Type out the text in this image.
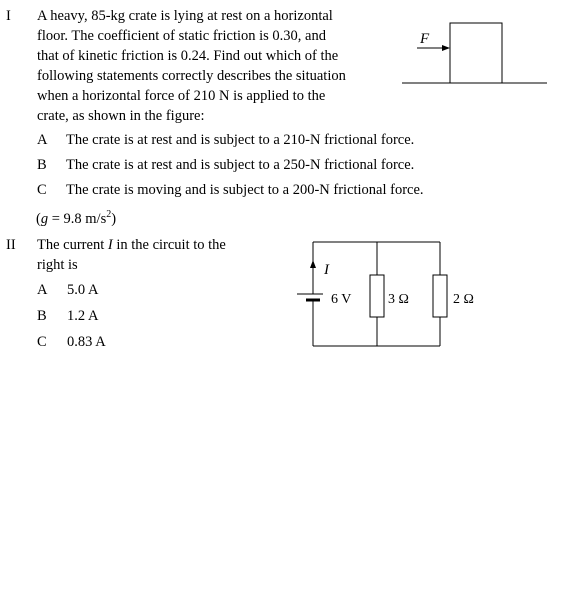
I A heavy, 85-kg crate is lying at rest on a horizontal
floor. The coefficient of static friction is 0.30, and
that of kinetic friction is 0.24. Find out which of the
following statements correctly describes the situation
when a horizontal force of 210 N is applied to the
crate, as shown in the figure:
F
A The crate is at rest and is subject to a 210-N frictional force.
B The crate is at rest and is subject to a 250-N frictional force.
C The crate is moving and is subject to a 200-N frictional force.
(g = 9.8 $m/s^2$)
II The current I in the circuit to the
right is
A 5.0 A
B 1.2 A
C 0.83 A
6 V
I
3 Ω	2 Ω
